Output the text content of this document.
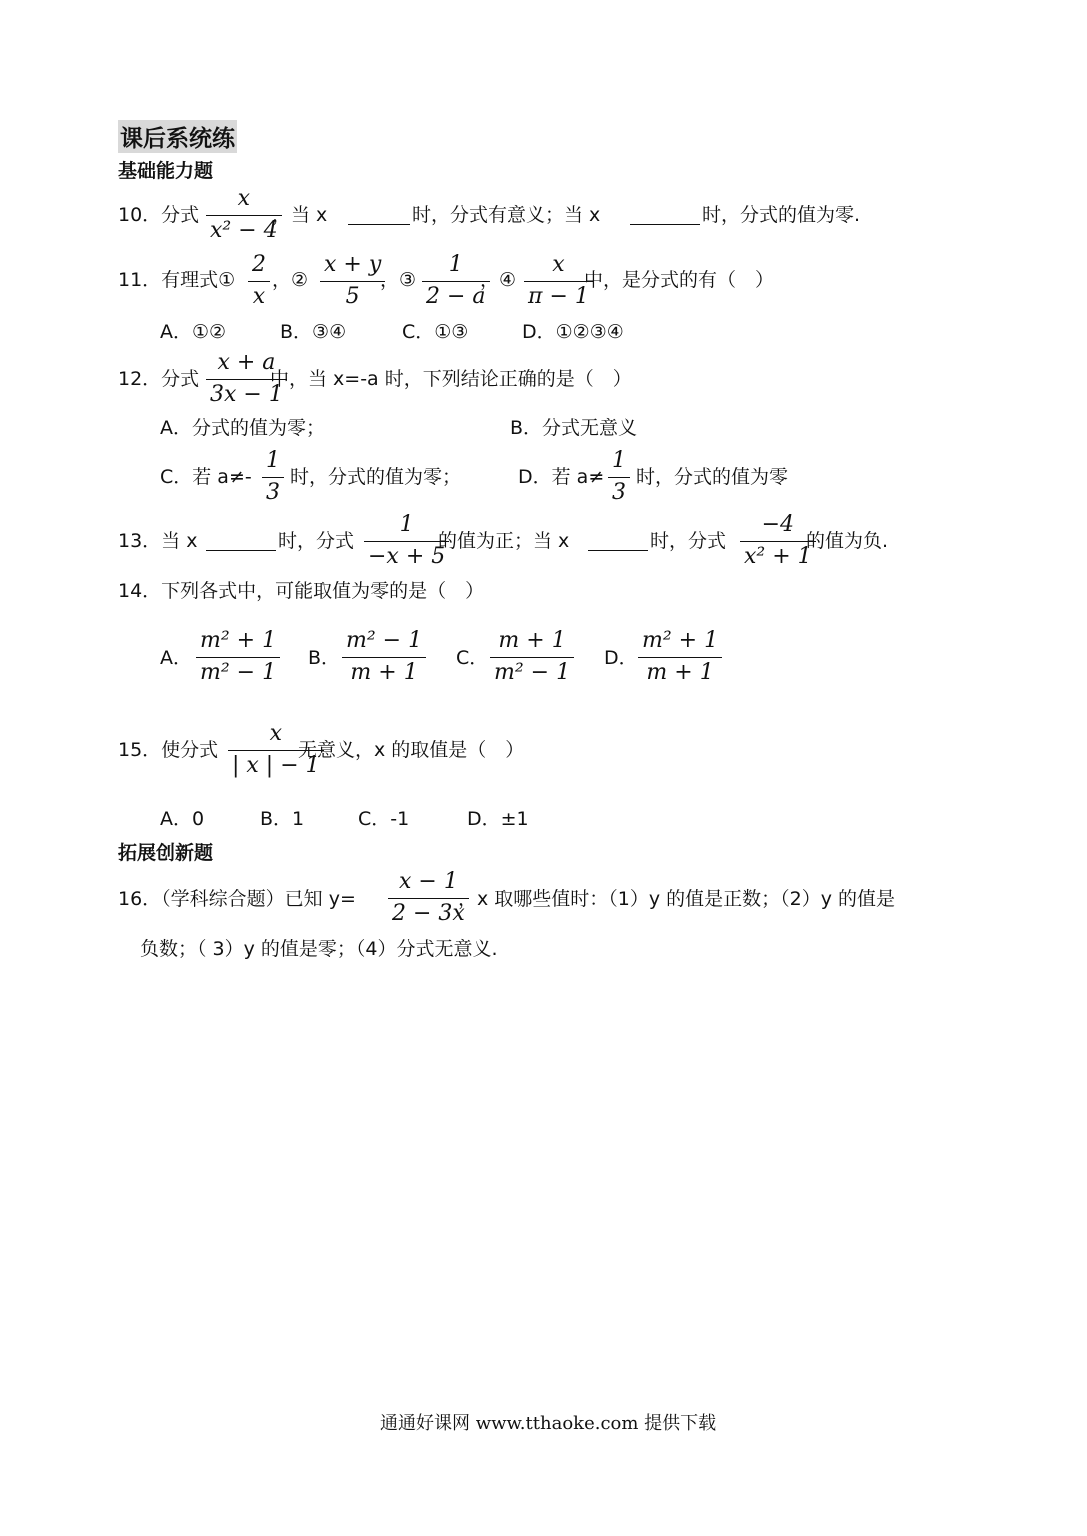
课后系统练
基础能力题
10．分式
x
x² − 4
，当 x	时，分式有意义；当 x	时，分式的值为零.
11．有理式①
2
x
，②
x + y
5
，③
1
2 − a
，④
x
π − 1
中，是分式的有（　）
A．①②	B．③④	C．①③	D．①②③④
12．分式
x + a
3x − 1
中，当 x=-a 时，下列结论正确的是（　）
A．分式的值为零；	B．分式无意义
C．若 a≠-
1
3
时，分式的值为零；	D．若 a≠
1
3
时，分式的值为零
13．当 x	时，分式
1
−x + 5
的值为正；当 x	时，分式
−4
x² + 1
的值为负.
14．下列各式中，可能取值为零的是（　）
A．
m² + 1
m² − 1
B．
m² − 1
m + 1
C．
m + 1
m² − 1
D．
m² + 1
m + 1
15．使分式
x
| x | − 1
无意义，x 的取值是（　）
A．0	B．1	C．-1	D．±1
拓展创新题
16．（学科综合题）已知 y=
x − 1
2 − 3x
，x 取哪些值时：（1）y 的值是正数；（2）y 的值是
负数；（ 3）y 的值是零；（4）分式无意义.
通通好课网 www.tthaoke.com 提供下载
